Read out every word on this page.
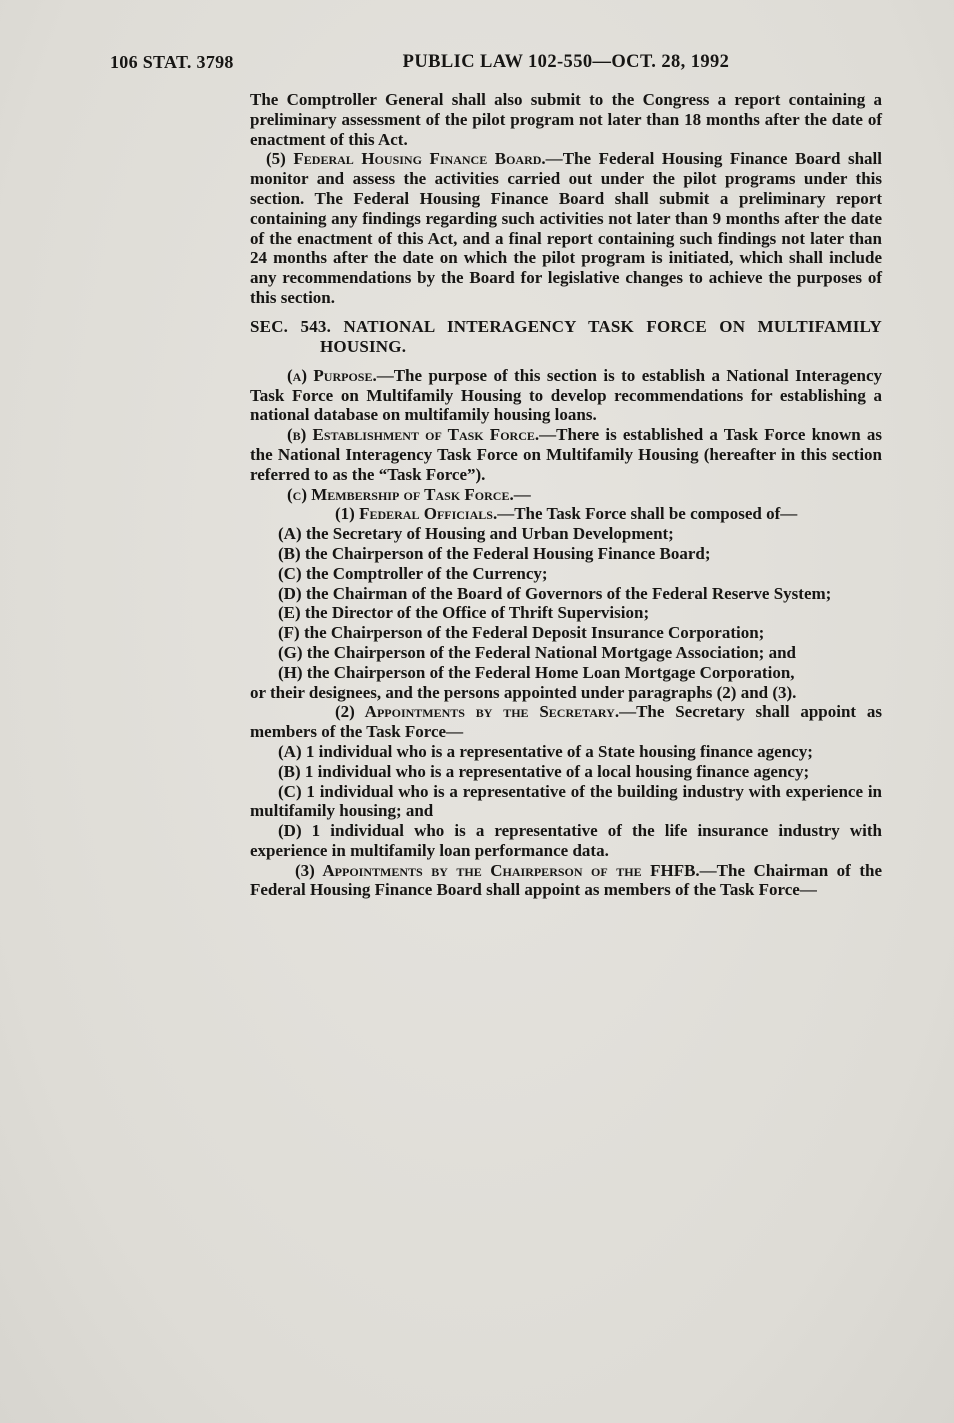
106 STAT. 3798	PUBLIC LAW 102-550—OCT. 28, 1992

The Comptroller General shall also submit to the Congress a report containing a preliminary assessment of the pilot program not later than 18 months after the date of enactment of this Act.

(5) Federal Housing Finance Board.—The Federal Housing Finance Board shall monitor and assess the activities carried out under the pilot programs under this section. The Federal Housing Finance Board shall submit a preliminary report containing any findings regarding such activities not later than 9 months after the date of the enactment of this Act, and a final report containing such findings not later than 24 months after the date on which the pilot program is initiated, which shall include any recommendations by the Board for legislative changes to achieve the purposes of this section.

SEC. 543. NATIONAL INTERAGENCY TASK FORCE ON MULTIFAMILY HOUSING.

(a) Purpose.—The purpose of this section is to establish a National Interagency Task Force on Multifamily Housing to develop recommendations for establishing a national database on multifamily housing loans.

(b) Establishment of Task Force.—There is established a Task Force known as the National Interagency Task Force on Multifamily Housing (hereafter in this section referred to as the “Task Force”).

(c) Membership of Task Force.—

(1) Federal Officials.—The Task Force shall be composed of—

(A) the Secretary of Housing and Urban Development;

(B) the Chairperson of the Federal Housing Finance Board;

(C) the Comptroller of the Currency;

(D) the Chairman of the Board of Governors of the Federal Reserve System;

(E) the Director of the Office of Thrift Supervision;

(F) the Chairperson of the Federal Deposit Insurance Corporation;

(G) the Chairperson of the Federal National Mortgage Association; and

(H) the Chairperson of the Federal Home Loan Mortgage Corporation,

or their designees, and the persons appointed under paragraphs (2) and (3).

(2) Appointments by the Secretary.—The Secretary shall appoint as members of the Task Force—

(A) 1 individual who is a representative of a State housing finance agency;

(B) 1 individual who is a representative of a local housing finance agency;

(C) 1 individual who is a representative of the building industry with experience in multifamily housing; and

(D) 1 individual who is a representative of the life insurance industry with experience in multifamily loan performance data.

(3) Appointments by the Chairperson of the FHFB.—The Chairman of the Federal Housing Finance Board shall appoint as members of the Task Force—
